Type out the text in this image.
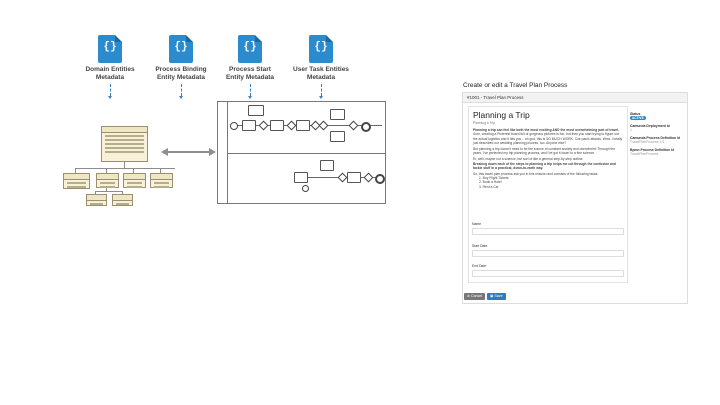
{}
Domain Entities
Metadata
{}
Process Binding
Entity Metadata
{}
Process Start
Entity Metadata
{}
User Task Entities
Metadata
Create or edit a Travel Plan Process
#1001 - Travel Plan Process
Planning a Trip
Planning a Trip
Planning a trip can feel like both the most exciting AND the most overwhelming part of travel.
Sure, creating a Pinterest board full of gorgeous pictures is fun, but then you start trying to figure out the actual logistics and it hits you... oh god, this is SO MUCH WORK. Cue panic attacks. Wow. I totally just described our wedding planning process, too. Anyone else?
But planning a trip doesn't need to be the source of constant anxiety and overwhelm! Through the years, I've perfected my trip planning process, and I've got it down to a fine science.
Er, well, maybe not a science, but sort of like a general step-by-step outline.
Breaking down each of the steps to planning a trip helps me cut through the confusion and tackle stuff in a practical, down-to-earth way.
So, this travel plan process ask you in this mission and consists of the following tasks:
1. Buy Flight Tickets
2. Book a Hotel
3. Rent a Car
Name
Start Date
End Date
Status
ACTIVE
Camunda Deployment Id
1
Camunda Process Definition Id
TravelPlanProcess:1:3
Bpmn Process Definition Id
TravelPlanProcess
⊘ Cancel	▣ Save
